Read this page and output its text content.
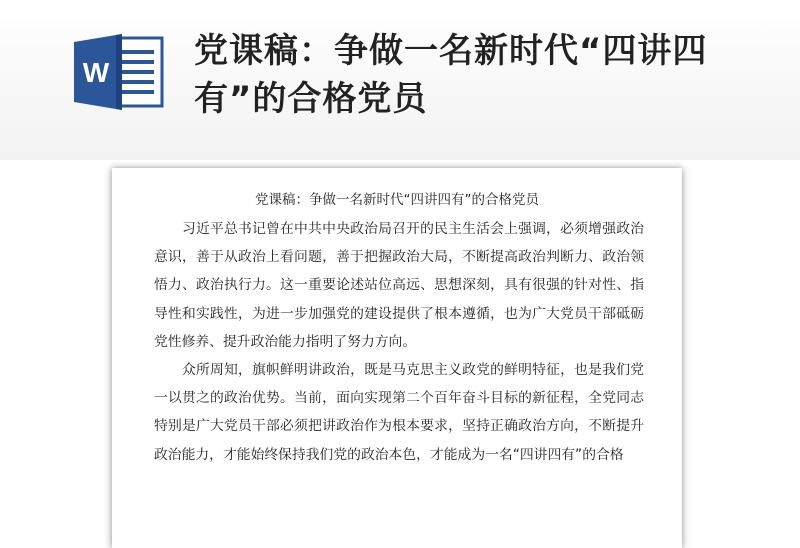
W
党课稿：争做一名新时代“四讲四有”的合格党员

党课稿：争做一名新时代“四讲四有”的合格党员

习近平总书记曾在中共中央政治局召开的民主生活会上强调，必须增强政治意识，善于从政治上看问题，善于把握政治大局，不断提高政治判断力、政治领悟力、政治执行力。这一重要论述站位高远、思想深刻，具有很强的针对性、指导性和实践性，为进一步加强党的建设提供了根本遵循，也为广大党员干部砥砺党性修养、提升政治能力指明了努力方向。

众所周知，旗帜鲜明讲政治，既是马克思主义政党的鲜明特征，也是我们党一以贯之的政治优势。当前，面向实现第二个百年奋斗目标的新征程，全党同志特别是广大党员干部必须把讲政治作为根本要求，坚持正确政治方向，不断提升政治能力，才能始终保持我们党的政治本色，才能成为一名“四讲四有”的合格
